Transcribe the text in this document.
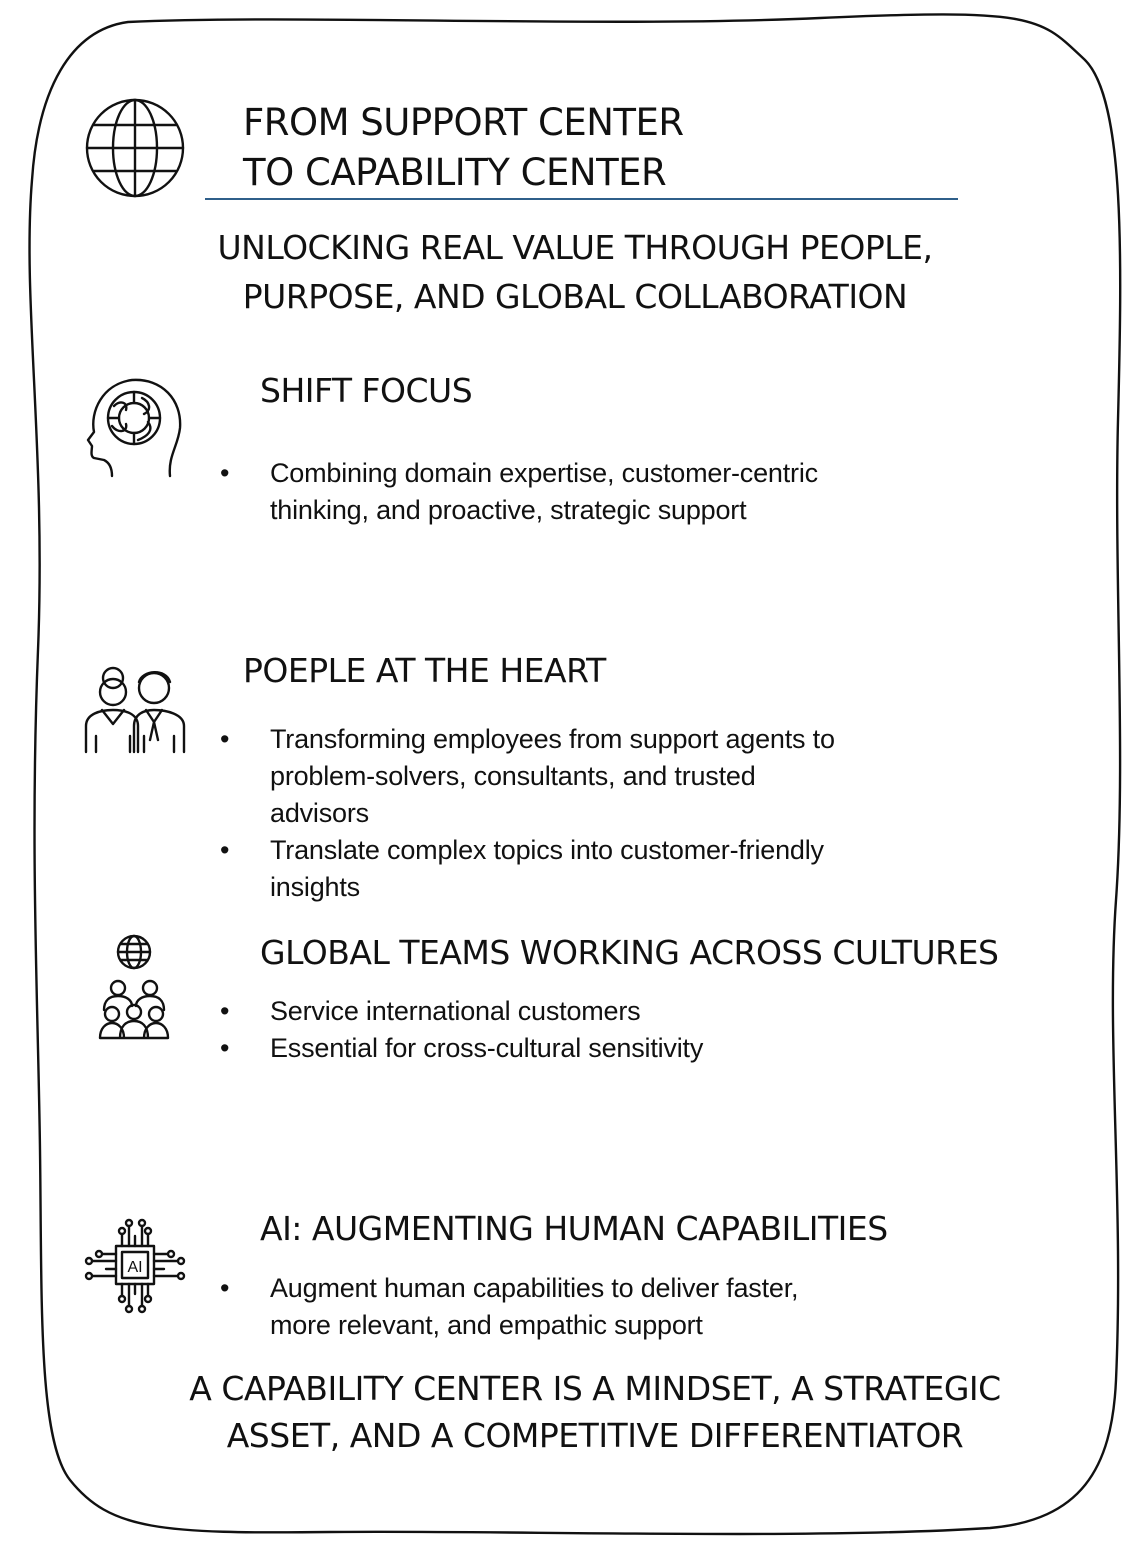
FROM SUPPORT CENTER
TO CAPABILITY CENTER
UNLOCKING REAL VALUE THROUGH PEOPLE,
PURPOSE, AND GLOBAL COLLABORATION
SHIFT FOCUS
• Combining domain expertise, customer-centric
thinking, and proactive, strategic support
POEPLE AT THE HEART
• Transforming employees from support agents to
problem-solvers, consultants, and trusted
advisors
• Translate complex topics into customer-friendly
insights
GLOBAL TEAMS WORKING ACROSS CULTURES
• Service international customers
• Essential for cross-cultural sensitivity
AI
AI: AUGMENTING HUMAN CAPABILITIES
• Augment human capabilities to deliver faster,
more relevant, and empathic support
A CAPABILITY CENTER IS A MINDSET, A STRATEGIC
ASSET, AND A COMPETITIVE DIFFERENTIATOR
